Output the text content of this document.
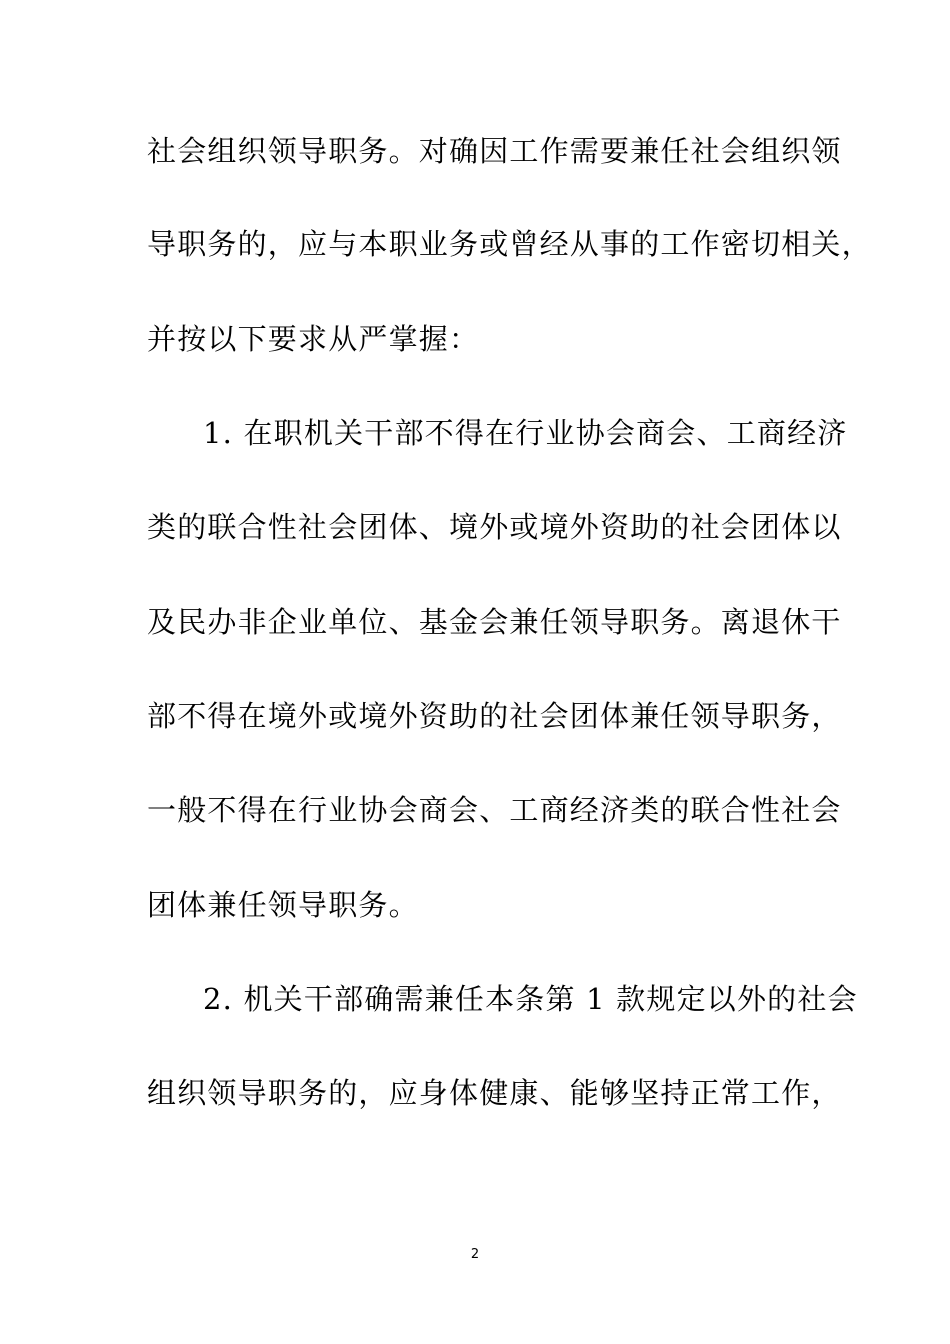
社会组织领导职务。对确因工作需要兼任社会组织领
导职务的，应与本职业务或曾经从事的工作密切相关，
并按以下要求从严掌握：
1. 在职机关干部不得在行业协会商会、工商经济
类的联合性社会团体、境外或境外资助的社会团体以
及民办非企业单位、基金会兼任领导职务。离退休干
部不得在境外或境外资助的社会团体兼任领导职务，
一般不得在行业协会商会、工商经济类的联合性社会
团体兼任领导职务。
2. 机关干部确需兼任本条第 1 款规定以外的社会
组织领导职务的，应身体健康、能够坚持正常工作，
2
